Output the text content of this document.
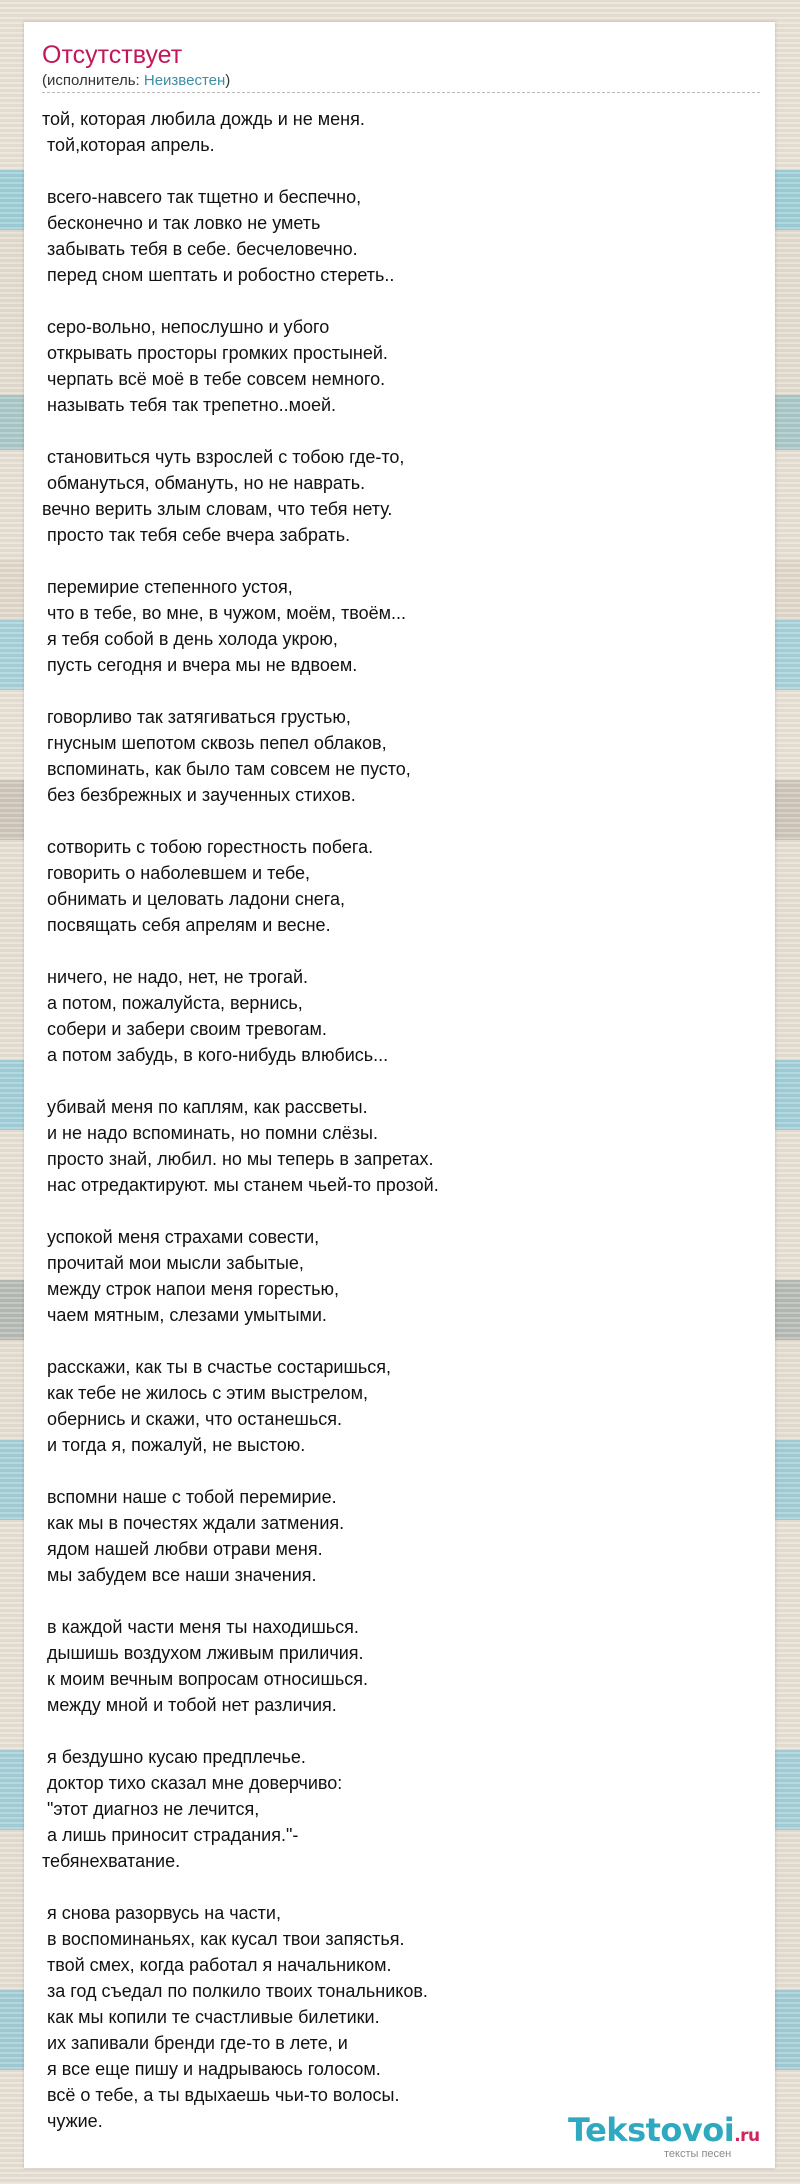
Отсутствует
(исполнитель: Неизвестен)
той, которая любила дождь и не меня.
той,которая апрель.
всего-навсего так тщетно и беспечно,
бесконечно и так ловко не уметь
забывать тебя в себе. бесчеловечно.
перед сном шептать и робостно стереть..
серо-вольно, непослушно и убого
открывать просторы громких простыней.
черпать всё моё в тебе совсем немного.
называть тебя так трепетно..моей.
становиться чуть взрослей с тобою где-то,
обмануться, обмануть, но не наврать.
вечно верить злым словам, что тебя нету.
просто так тебя себе вчера забрать.
перемирие степенного устоя,
что в тебе, во мне, в чужом, моём, твоём...
я тебя собой в день холода укрою,
пусть сегодня и вчера мы не вдвоем.
говорливо так затягиваться грустью,
гнусным шепотом сквозь пепел облаков,
вспоминать, как было там совсем не пусто,
без безбрежных и заученных стихов.
сотворить с тобою горестность побега.
говорить о наболевшем и тебе,
обнимать и целовать ладони снега,
посвящать себя апрелям и весне.
ничего, не надо, нет, не трогай.
а потом, пожалуйста, вернись,
собери и забери своим тревогам.
а потом забудь, в кого-нибудь влюбись...
убивай меня по каплям, как рассветы.
и не надо вспоминать, но помни слёзы.
просто знай, любил. но мы теперь в запретах.
нас отредактируют. мы станем чьей-то прозой.
успокой меня страхами совести,
прочитай мои мысли забытые,
между строк напои меня горестью,
чаем мятным, слезами умытыми.
расскажи, как ты в счастье состаришься,
как тебе не жилось с этим выстрелом,
обернись и скажи, что останешься.
и тогда я, пожалуй, не выстою.
вспомни наше с тобой перемирие.
как мы в почестях ждали затмения.
ядом нашей любви отрави меня.
мы забудем все наши значения.
в каждой части меня ты находишься.
дышишь воздухом лживым приличия.
к моим вечным вопросам относишься.
между мной и тобой нет различия.
я бездушно кусаю предплечье.
доктор тихо сказал мне доверчиво:
"этот диагноз не лечится,
а лишь приносит страдания."-
тебянехватание.
я снова разорвусь на части,
в воспоминаньях, как кусал твои запястья.
твой смех, когда работал я начальником.
за год съедал по полкило твоих тональников.
как мы копили те счастливые билетики.
их запивали бренди где-то в лете, и
я все еще пишу и надрываюсь голосом.
всё о тебе, а ты вдыхаешь чьи-то волосы.
чужие.	Tekstovoi.ru
тексты песен
